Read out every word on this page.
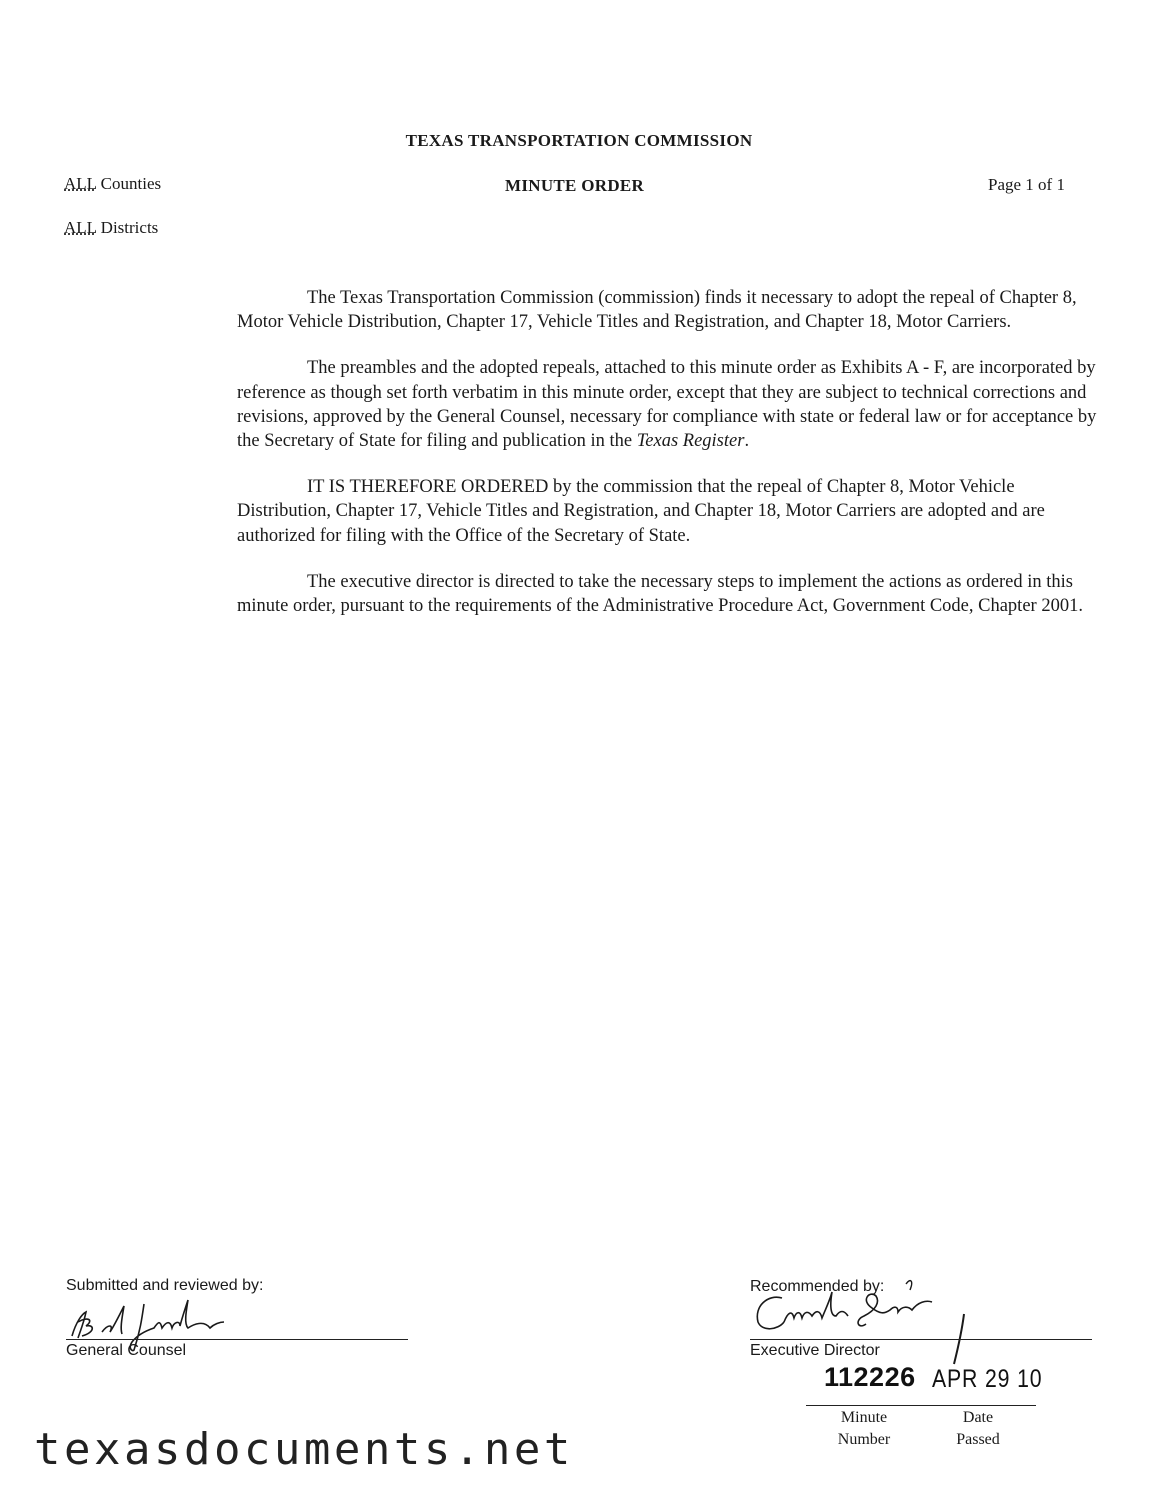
TEXAS TRANSPORTATION COMMISSION
MINUTE ORDER	Page 1 of 1
ALL Counties
ALL Districts

The Texas Transportation Commission (commission) finds it necessary to adopt the repeal of Chapter 8, Motor Vehicle Distribution, Chapter 17, Vehicle Titles and Registration, and Chapter 18, Motor Carriers.

The preambles and the adopted repeals, attached to this minute order as Exhibits A - F, are incorporated by reference as though set forth verbatim in this minute order, except that they are subject to technical corrections and revisions, approved by the General Counsel, necessary for compliance with state or federal law or for acceptance by the Secretary of State for filing and publication in the Texas Register.

IT IS THEREFORE ORDERED by the commission that the repeal of Chapter 8, Motor Vehicle Distribution, Chapter 17, Vehicle Titles and Registration, and Chapter 18, Motor Carriers are adopted and are authorized for filing with the Office of the Secretary of State.

The executive director is directed to take the necessary steps to implement the actions as ordered in this minute order, pursuant to the requirements of the Administrative Procedure Act, Government Code, Chapter 2001.

Submitted and reviewed by:
General Counsel
Recommended by:
Executive Director
112226 APR 29 10
Minute
Number
Date
Passed
texasdocuments.net
